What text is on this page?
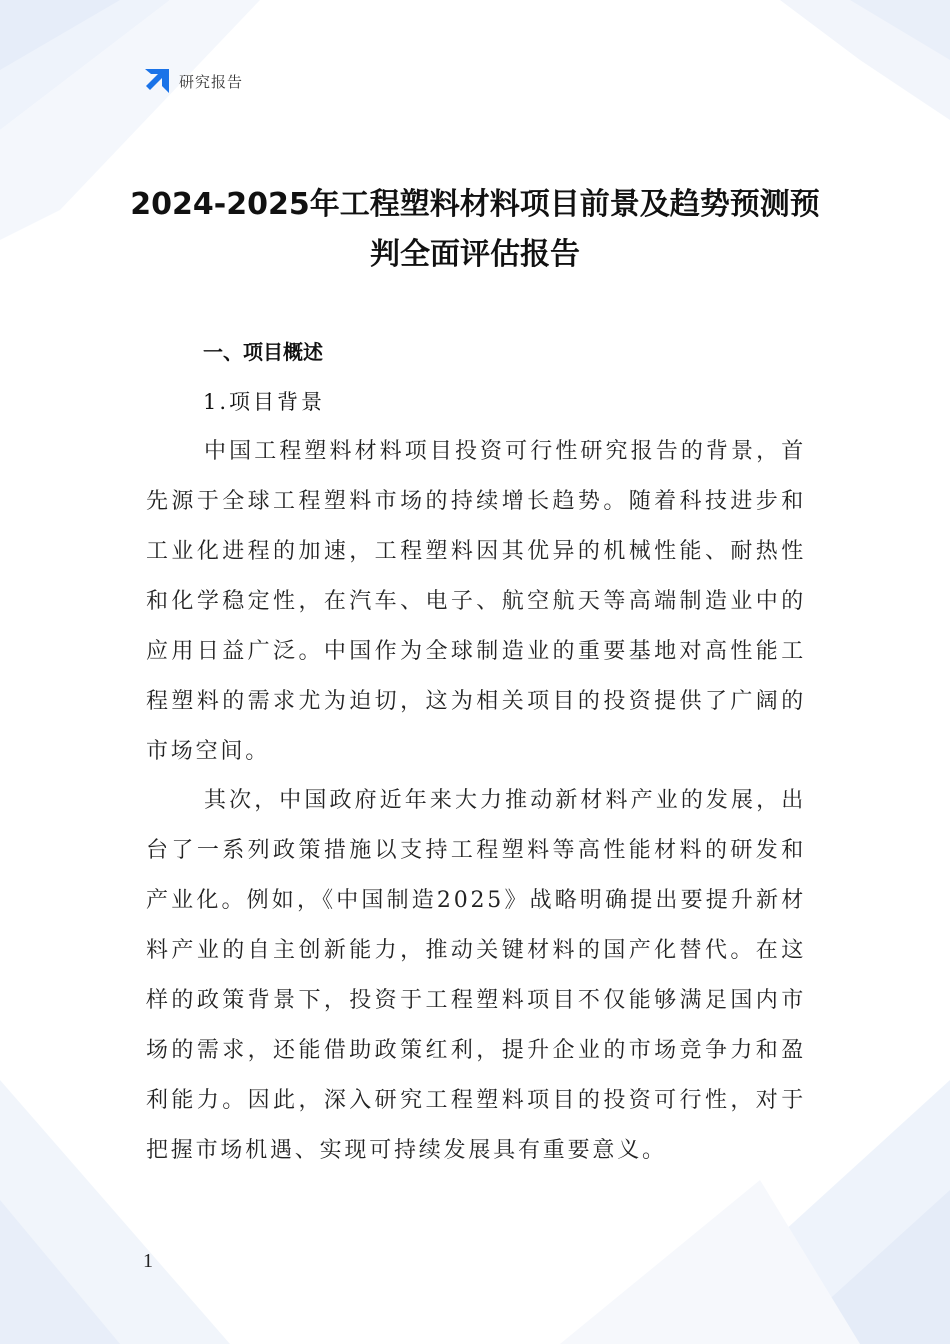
研究报告
2024-2025年工程塑料材料项目前景及趋势预测预
判全面评估报告
一、项目概述
1.项目背景

中国工程塑料材料项目投资可行性研究报告的背景，首先源于全球工程塑料市场的持续增长趋势。随着科技进步和工业化进程的加速，工程塑料因其优异的机械性能、耐热性和化学稳定性，在汽车、电子、航空航天等高端制造业中的应用日益广泛。中国作为全球制造业的重要基地对高性能工程塑料的需求尤为迫切，这为相关项目的投资提供了广阔的市场空间。

其次，中国政府近年来大力推动新材料产业的发展，出台了一系列政策措施以支持工程塑料等高性能材料的研发和产业化。例如，《中国制造2025》战略明确提出要提升新材料产业的自主创新能力，推动关键材料的国产化替代。在这样的政策背景下，投资于工程塑料项目不仅能够满足国内市场的需求，还能借助政策红利，提升企业的市场竞争力和盈利能力。因此，深入研究工程塑料项目的投资可行性，对于把握市场机遇、实现可持续发展具有重要意义。

1
